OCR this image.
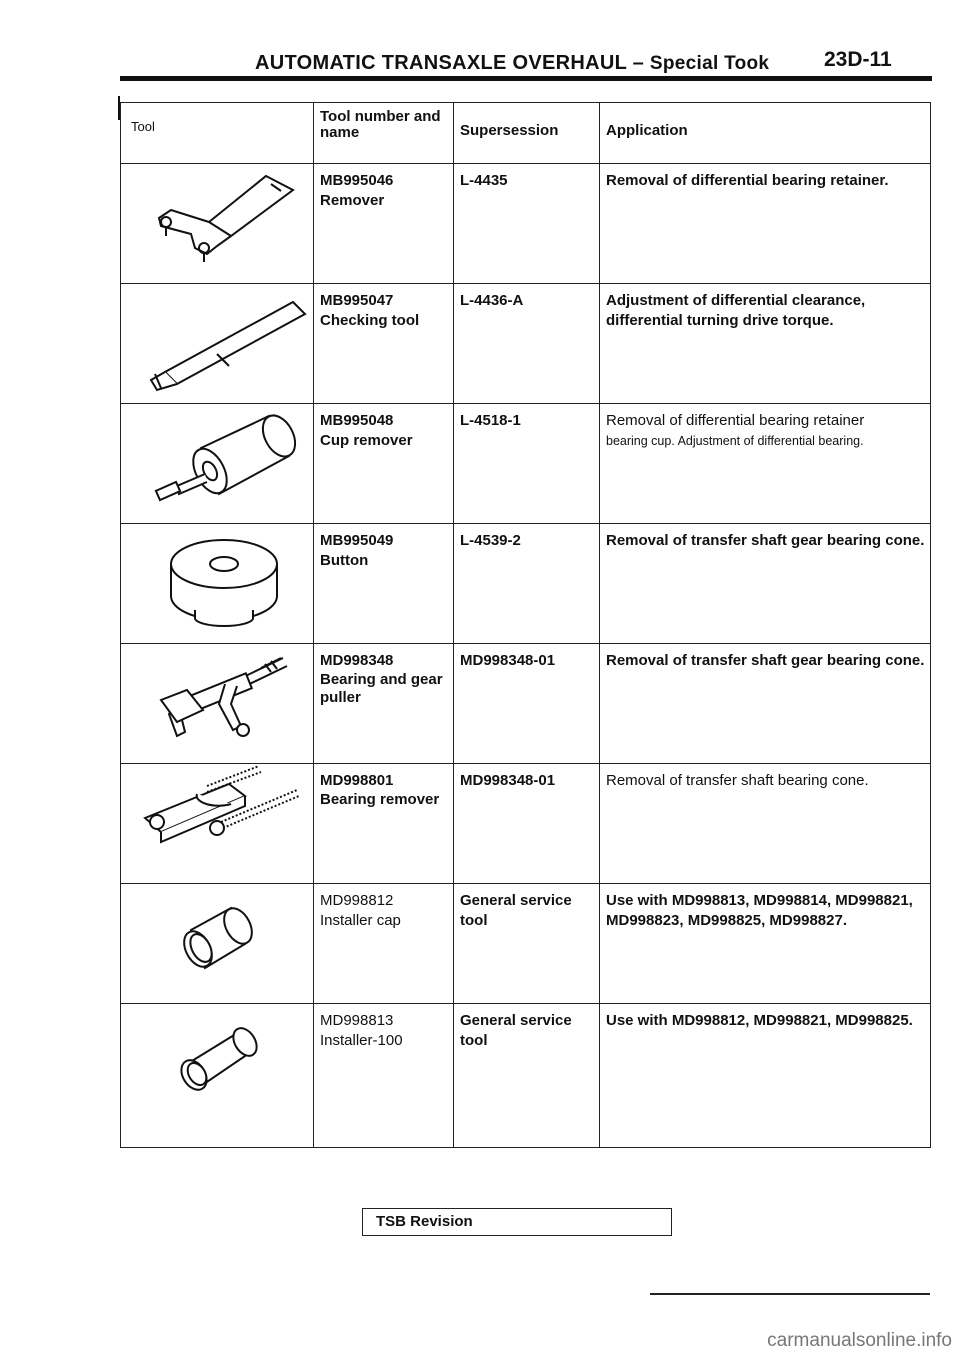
AUTOMATIC TRANSAXLE OVERHAUL – Special Took	23D-11
Tool	Tool number and name	Supersession	Application

MB995046
Remover	L-4435	Removal of differential bearing retainer.

MB995047
Checking tool	L-4436-A	Adjustment of differential clearance, differential turning drive torque.

MB995048
Cup remover	L-4518-1	Removal of differential bearing retainer
bearing cup. Adjustment of differential bearing.

MB995049
Button	L-4539-2	Removal of transfer shaft gear bearing cone.

MD998348
Bearing and gear puller	MD998348-01	Removal of transfer shaft gear bearing cone.

MD998801
Bearing remover	MD998348-01	Removal of transfer shaft bearing cone.

MD998812
Installer cap	General service tool	Use with MD998813, MD998814, MD998821, MD998823, MD998825, MD998827.

MD998813
Installer-100	General service tool	Use with MD998812, MD998821, MD998825.
TSB Revision
carmanualsonline.info
